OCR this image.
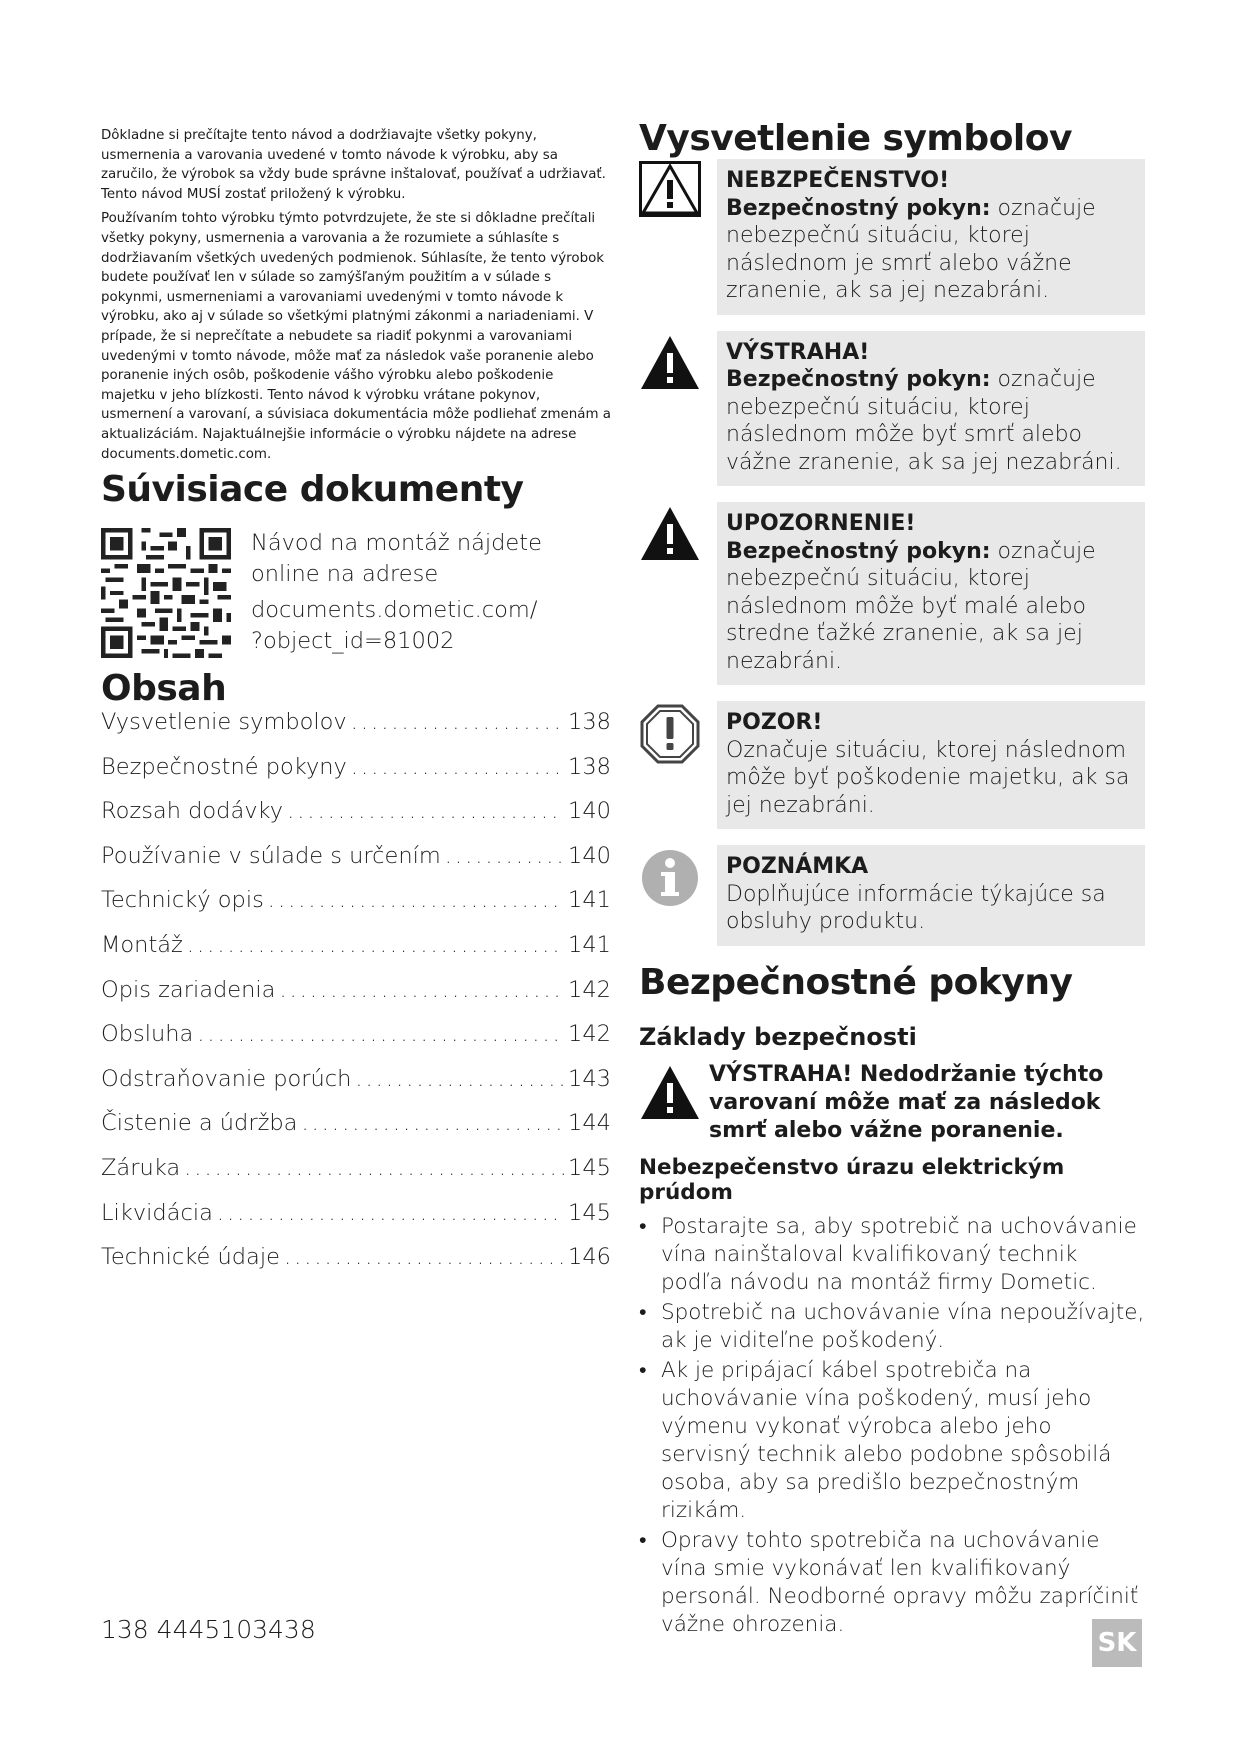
Dôkladne si prečítajte tento návod a dodržiavajte všetky pokyny, usmernenia a varovania uvedené v tomto návode k výrobku, aby sa zaručilo, že výrobok sa vždy bude správne inštalovať, používať a udržiavať. Tento návod MUSÍ zostať priložený k výrobku.

Používaním tohto výrobku týmto potvrdzujete, že ste si dôkladne prečítali všetky pokyny, usmernenia a varovania a že rozumiete a súhlasíte s dodržiavaním všetkých uvedených podmienok. Súhlasíte, že tento výrobok budete používať len v súlade so zamýšľaným použitím a v súlade s pokynmi, usmerneniami a varovaniami uvedenými v tomto návode k výrobku, ako aj v súlade so všetkými platnými zákonmi a nariadeniami. V prípade, že si neprečítate a nebudete sa riadiť pokynmi a varovaniami uvedenými v tomto návode, môže mať za následok vaše poranenie alebo poranenie iných osôb, poškodenie vášho výrobku alebo poškodenie majetku v jeho blízkosti. Tento návod k výrobku vrátane pokynov, usmernení a varovaní, a súvisiaca dokumentácia môže podliehať zmenám a aktualizáciám. Najaktuálnejšie informácie o výrobku nájdete na adrese documents.dometic.com.

Súvisiace dokumenty
Návod na montáž nájdete
online na adrese
documents.dometic.com/
?object_id=81002
Obsah
Vysvetlenie symbolov .....	138
Bezpečnostné pokyny .....	138
Rozsah dodávky .....	140
Používanie v súlade s určením .....	140
Technický opis .....	141
Montáž .....	141
Opis zariadenia .....	142
Obsluha .....	142
Odstraňovanie porúch .....	143
Čistenie a údržba .....	144
Záruka .....	145
Likvidácia .....	145
Technické údaje .....	146
Vysvetlenie symbolov
NEBZPEČENSTVO!
Bezpečnostný pokyn: označuje nebezpečnú situáciu, ktorej následnom je smrť alebo vážne zranenie, ak sa jej nezabráni.
VÝSTRAHA!
Bezpečnostný pokyn: označuje nebezpečnú situáciu, ktorej následnom môže byť smrť alebo vážne zranenie, ak sa jej nezabráni.
UPOZORNENIE!
Bezpečnostný pokyn: označuje nebezpečnú situáciu, ktorej následnom môže byť malé alebo stredne ťažké zranenie, ak sa jej nezabráni.
POZOR!
Označuje situáciu, ktorej následnom môže byť poškodenie majetku, ak sa jej nezabráni.
POZNÁMKA
Doplňujúce informácie týkajúce sa obsluhy produktu.
Bezpečnostné pokyny
Základy bezpečnosti
VÝSTRAHA! Nedodržanie týchto varovaní môže mať za následok smrť alebo vážne poranenie.
Nebezpečenstvo úrazu elektrickým prúdom
• Postarajte sa, aby spotrebič na uchovávanie vína nainštaloval kvalifikovaný technik podľa návodu na montáž firmy Dometic.
• Spotrebič na uchovávanie vína nepoužívajte, ak je viditeľne poškodený.
• Ak je pripájací kábel spotrebiča na uchovávanie vína poškodený, musí jeho výmenu vykonať výrobca alebo jeho servisný technik alebo podobne spôsobilá osoba, aby sa predišlo bezpečnostným rizikám.
• Opravy tohto spotrebiča na uchovávanie vína smie vykonávať len kvalifikovaný personál. Neodborné opravy môžu zapríčiniť vážne ohrozenia.
138 4445103438	SK
